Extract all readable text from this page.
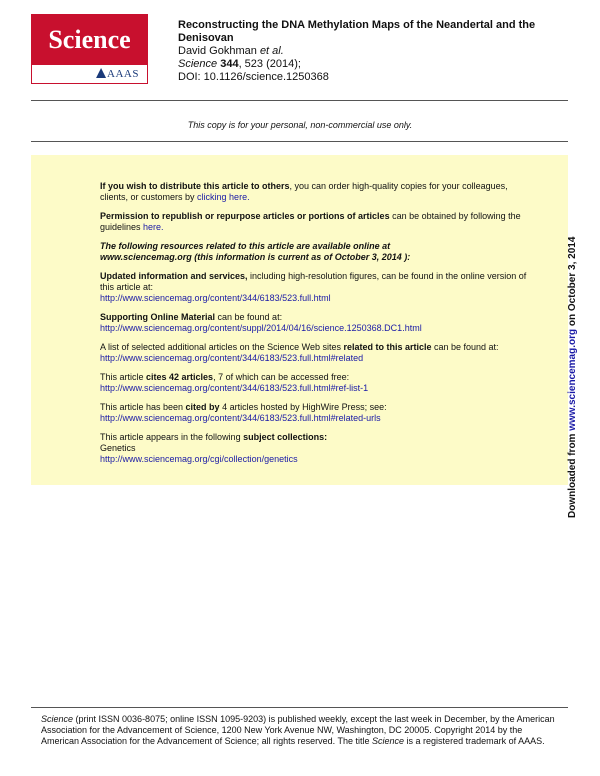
Science
AAAS
Reconstructing the DNA Methylation Maps of the Neandertal and the Denisovan
David Gokhman et al.
Science 344, 523 (2014);
DOI: 10.1126/science.1250368
This copy is for your personal, non-commercial use only.

If you wish to distribute this article to others, you can order high-quality copies for your colleagues, clients, or customers by clicking here.

Permission to republish or repurpose articles or portions of articles can be obtained by following the guidelines here.

The following resources related to this article are available online at
www.sciencemag.org (this information is current as of October 3, 2014 ):

Updated information and services, including high-resolution figures, can be found in the online version of this article at:
http://www.sciencemag.org/content/344/6183/523.full.html

Supporting Online Material can be found at:
http://www.sciencemag.org/content/suppl/2014/04/16/science.1250368.DC1.html

A list of selected additional articles on the Science Web sites related to this article can be found at:
http://www.sciencemag.org/content/344/6183/523.full.html#related

This article cites 42 articles, 7 of which can be accessed free:
http://www.sciencemag.org/content/344/6183/523.full.html#ref-list-1

This article has been cited by 4 articles hosted by HighWire Press; see:
http://www.sciencemag.org/content/344/6183/523.full.html#related-urls

This article appears in the following subject collections:
Genetics
http://www.sciencemag.org/cgi/collection/genetics	Downloaded from www.sciencemag.org on October 3, 2014
Science (print ISSN 0036-8075; online ISSN 1095-9203) is published weekly, except the last week in December, by the American Association for the Advancement of Science, 1200 New York Avenue NW, Washington, DC 20005. Copyright 2014 by the American Association for the Advancement of Science; all rights reserved. The title Science is a registered trademark of AAAS.
